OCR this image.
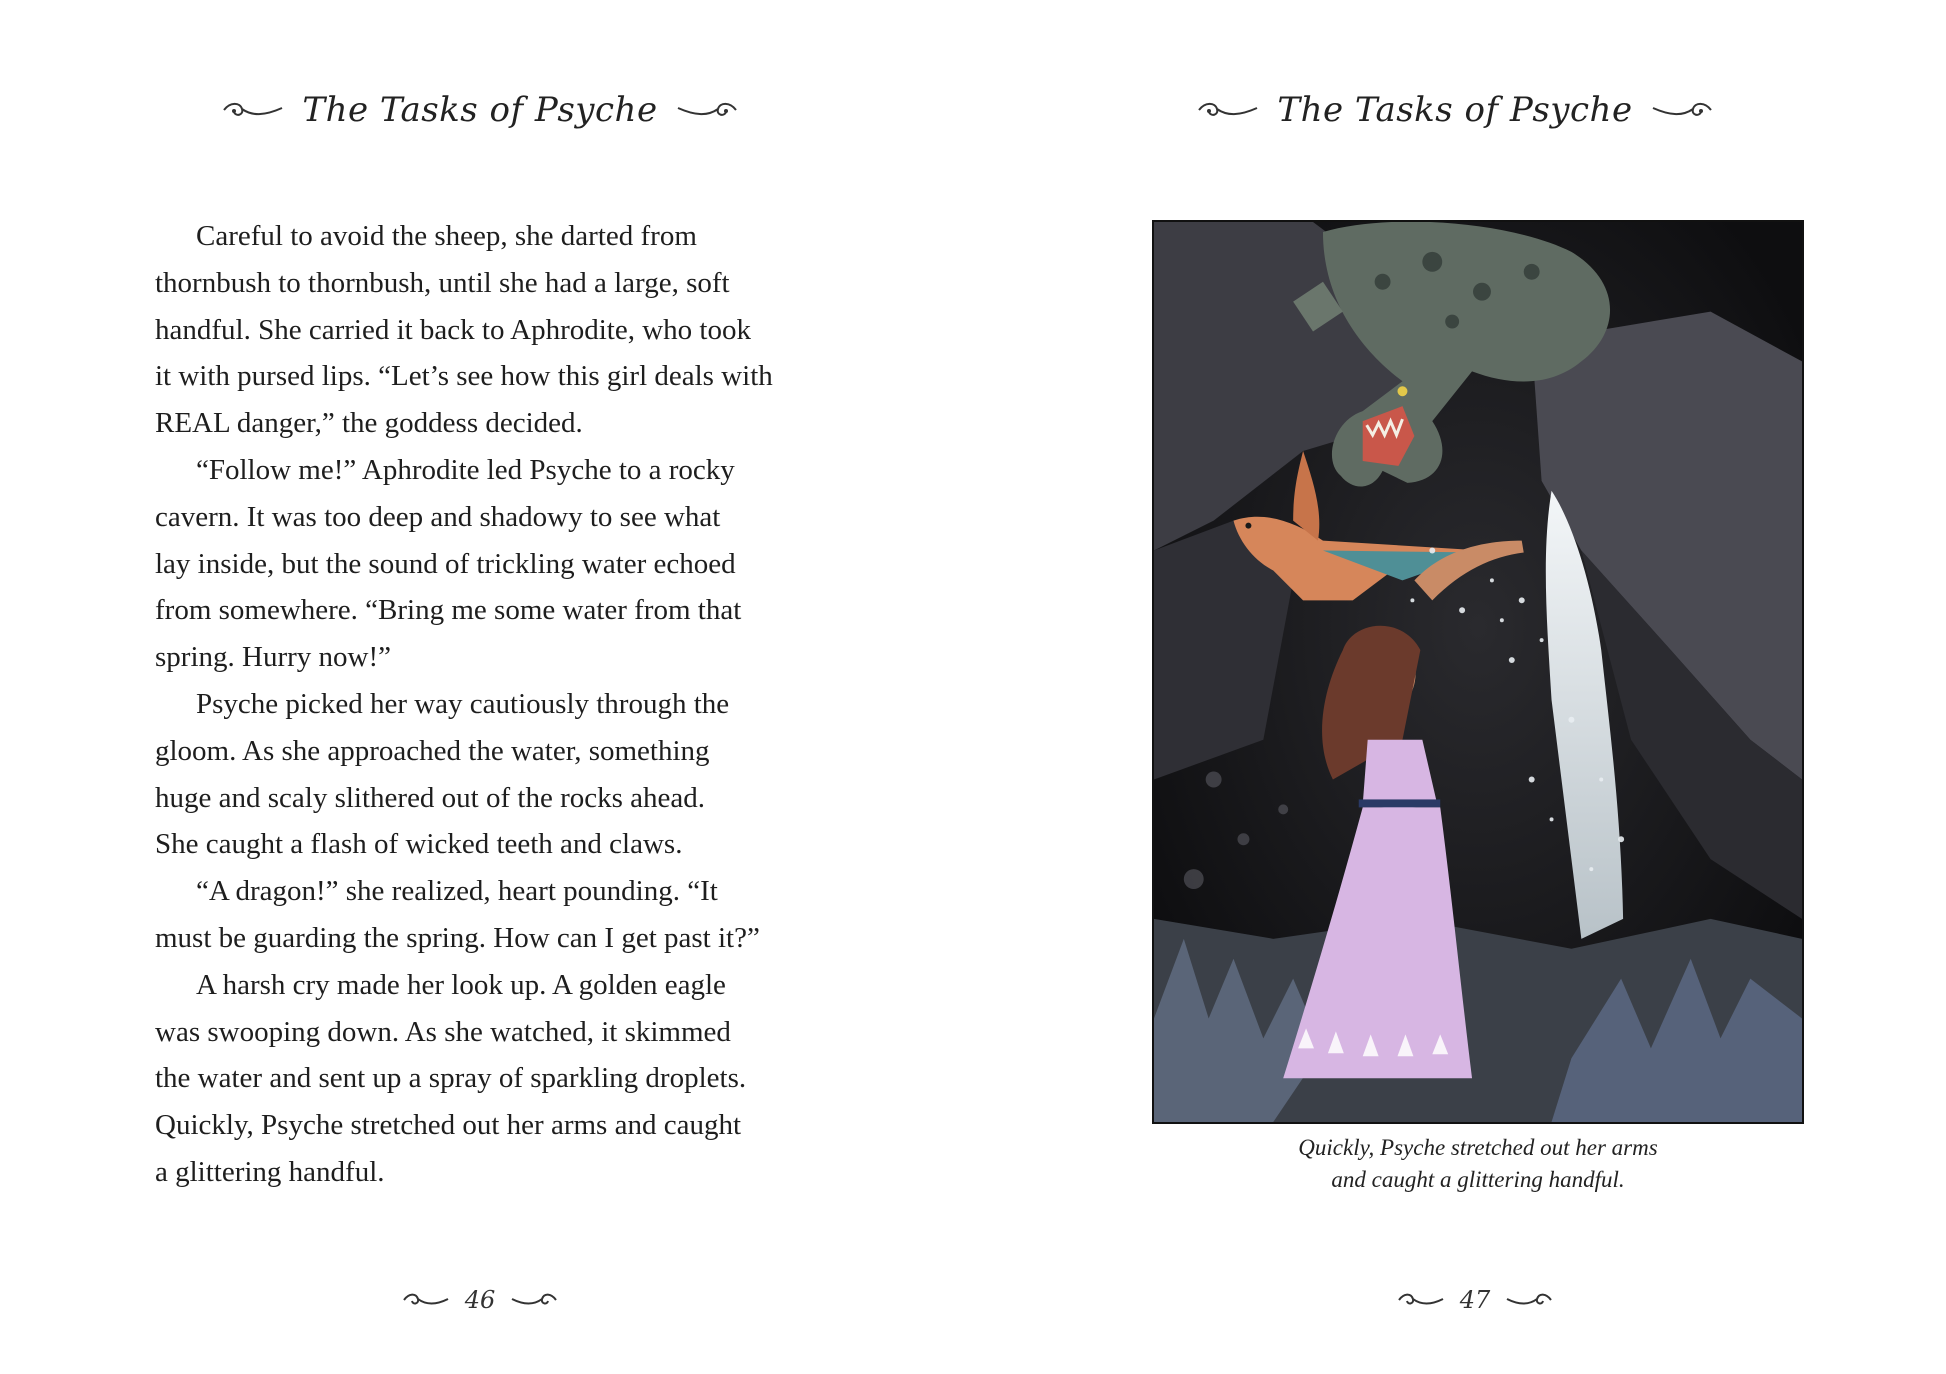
The Tasks of Psyche

Careful to avoid the sheep, she darted from

thornbush to thornbush, until she had a large, soft

handful. She carried it back to Aphrodite, who took

it with pursed lips. “Let’s see how this girl deals with

REAL danger,” the goddess decided.

“Follow me!” Aphrodite led Psyche to a rocky

cavern. It was too deep and shadowy to see what

lay inside, but the sound of trickling water echoed

from somewhere. “Bring me some water from that

spring. Hurry now!”

Psyche picked her way cautiously through the

gloom. As she approached the water, something

huge and scaly slithered out of the rocks ahead.

She caught a flash of wicked teeth and claws.

“A dragon!” she realized, heart pounding. “It

must be guarding the spring. How can I get past it?”

A harsh cry made her look up. A golden eagle

was swooping down. As she watched, it skimmed

the water and sent up a spray of sparkling droplets.

Quickly, Psyche stretched out her arms and caught

a glittering handful.

46
The Tasks of Psyche
Quickly, Psyche stretched out her arms
and caught a glittering handful.
47
